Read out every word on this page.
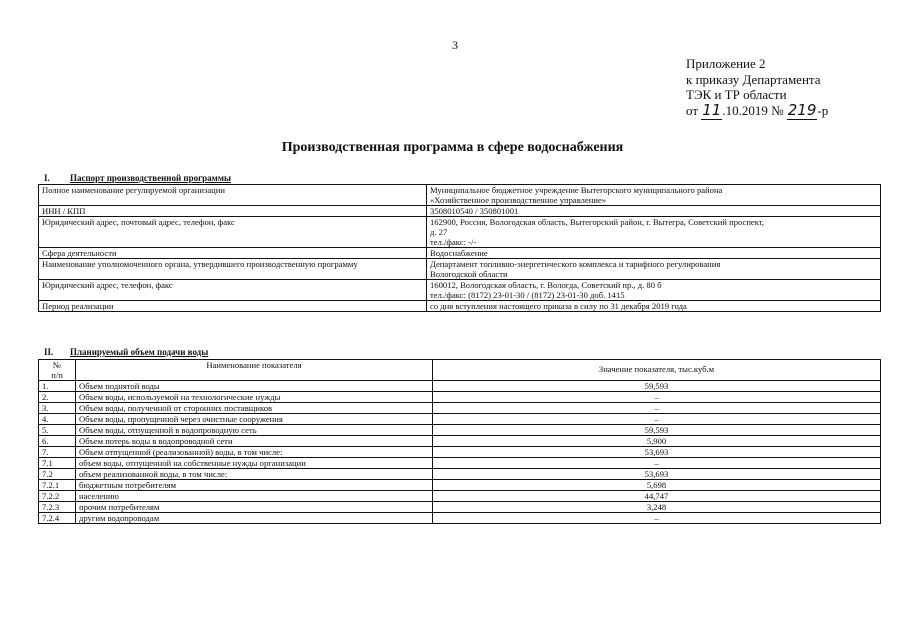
3
Приложение 2
к приказу Департамента
ТЭК и ТР области
от 11.10.2019 № 219-р
Производственная программа в сфере водоснабжения
I. Паспорт производственной программы
Полное наименование регулируемой организации	Муниципальное бюджетное учреждение Вытегорского муниципального района
«Хозяйственное производственное управление»

ИНН / КПП	3508010540 / 350801001

Юридический адрес, почтовый адрес, телефон, факс	162900, Россия, Вологодская область, Вытегорский район, г. Вытегра, Советский проспект,
д. 27
тел./факс: -/-

Сфера деятельности	Водоснабжение

Наименование уполномоченного органа, утвердившего производственную программу	Департамент топливно-энергетического комплекса и тарифного регулирования
Вологодской области

Юридический адрес, телефон, факс	160012, Вологодская область, г. Вологда, Советский пр., д. 80 б
тел./факс: (8172) 23-01-30 / (8172) 23-01-30 доб. 1415

Период реализации	со дня вступления настоящего приказа в силу по 31 декабря 2019 года
II. Планируемый объем подачи воды
№
п/п	Наименование показателя	Значение показателя, тыс.куб.м
1.	Объем поднятой воды	59,593
2.	Объем воды, используемой на технологические нужды	–
3.	Объем воды, полученной от сторонних поставщиков	–
4.	Объем воды, пропущенной через очистные сооружения	–
5.	Объем воды, отпущенной в водопроводную сеть	59,593
6.	Объем потерь воды в водопроводной сети	5,900
7.	Объем отпущенной (реализованной) воды, в том числе:	53,693
7.1	объем воды, отпущенной на собственные нужды организации	–
7.2	объем реализованной воды, в том числе:	53,693
7.2.1	бюджетным потребителям	5,698
7.2.2	населению	44,747
7.2.3	прочим потребителям	3,248
7.2.4	другим водопроводам	–
